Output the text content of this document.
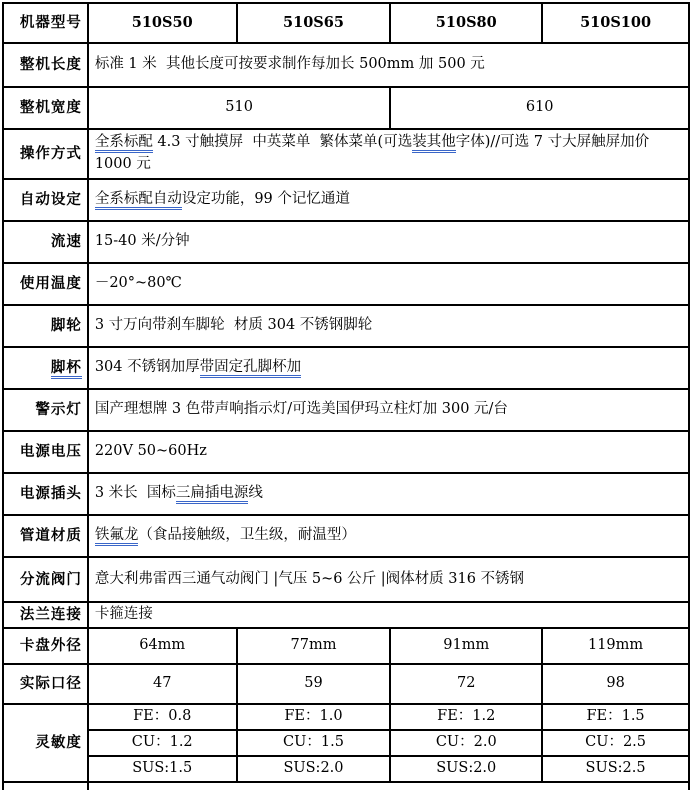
机器型号	510S50	510S65	510S80	510S100
整机长度	标准 1 米  其他长度可按要求制作每加长 500mm 加 500 元			
整机宽度	510		610	
操作方式	全系标配 4.3 寸触摸屏  中英菜单  繁体菜单(可选装其他字体)//可选 7 寸大屏触屏加价 1000 元			
自动设定	全系标配自动设定功能，99 个记忆通道			
流速	15-40 米/分钟			
使用温度	－20°~80℃			
脚轮	3 寸万向带刹车脚轮  材质 304 不锈钢脚轮			
脚杯	304 不锈钢加厚带固定孔脚杯加			
警示灯	国产理想牌 3 色带声响指示灯/可选美国伊玛立柱灯加 300 元/台			
电源电压	220V 50~60Hz			
电源插头	3 米长  国标三扁插电源线			
管道材质	铁氟龙（食品接触级，卫生级，耐温型）			
分流阀门	意大利弗雷西三通气动阀门 |气压 5~6 公斤 |阀体材质 316 不锈钢			
法兰连接	卡箍连接			
卡盘外径	64mm	77mm	91mm	119mm
实际口径	47	59	72	98
灵敏度	FE：0.8	FE：1.0	FE：1.2	FE：1.5
	CU：1.2	CU：1.5	CU：2.0	CU：2.5
	SUS:1.5	SUS:2.0	SUS:2.0	SUS:2.5
